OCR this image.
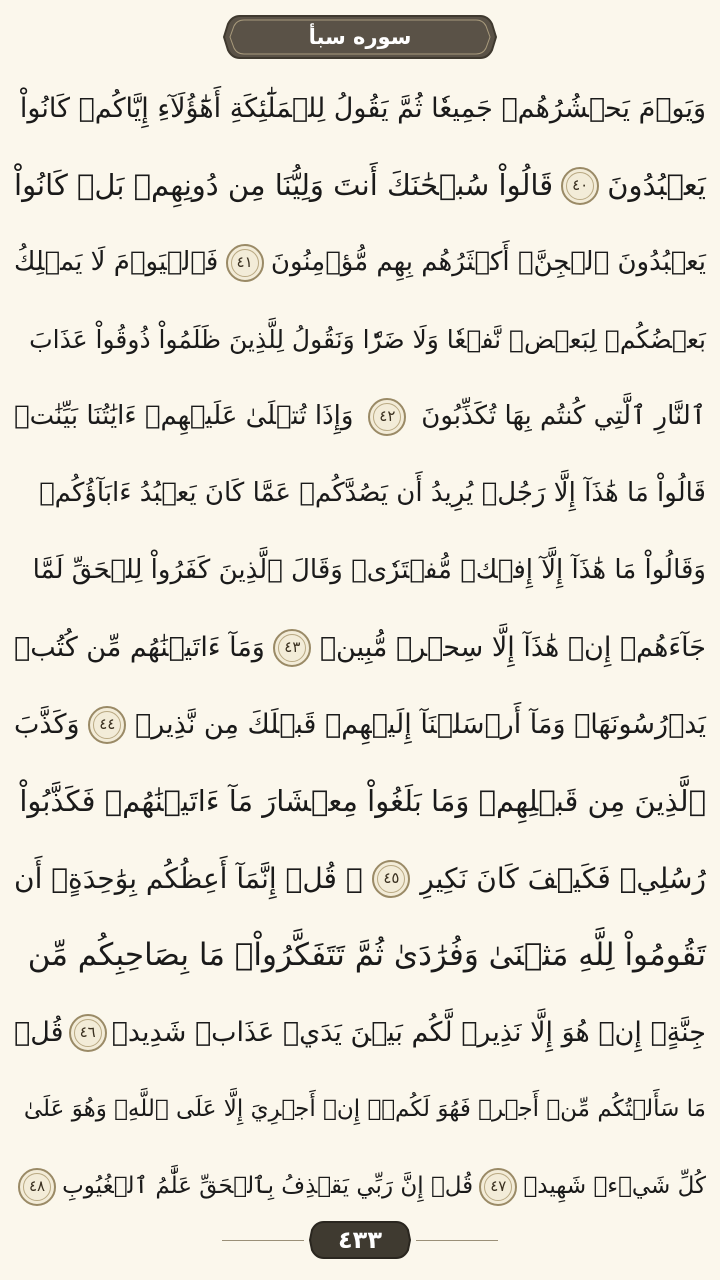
سوره سبأ
وَيَوۡمَ يَحۡشُرُهُمۡ جَمِيعٗا ثُمَّ يَقُولُ لِلۡمَلَٰٓئِكَةِ أَهَٰٓؤُلَآءِ إِيَّاكُمۡ كَانُواْ
يَعۡبُدُونَ
٤٠
قَالُواْ سُبۡحَٰنَكَ أَنتَ وَلِيُّنَا مِن دُونِهِمۖ بَلۡ كَانُواْ
يَعۡبُدُونَ ٱلۡجِنَّۖ أَكۡثَرُهُم بِهِم مُّؤۡمِنُونَ
٤١
فَٱلۡيَوۡمَ لَا يَمۡلِكُ
بَعۡضُكُمۡ لِبَعۡضٖ نَّفۡعٗا وَلَا ضَرّٗا وَنَقُولُ لِلَّذِينَ ظَلَمُواْ ذُوقُواْ عَذَابَ
ٱلنَّارِ ٱلَّتِي كُنتُم بِهَا تُكَذِّبُونَ
٤٢
وَإِذَا تُتۡلَىٰ عَلَيۡهِمۡ ءَايَٰتُنَا بَيِّنَٰتٖ
قَالُواْ مَا هَٰذَآ إِلَّا رَجُلٞ يُرِيدُ أَن يَصُدَّكُمۡ عَمَّا كَانَ يَعۡبُدُ ءَابَآؤُكُمۡ
وَقَالُواْ مَا هَٰذَآ إِلَّآ إِفۡكٞ مُّفۡتَرٗىۚ وَقَالَ ٱلَّذِينَ كَفَرُواْ لِلۡحَقِّ لَمَّا
جَآءَهُمۡ إِنۡ هَٰذَآ إِلَّا سِحۡرٞ مُّبِينٞ
٤٣
وَمَآ ءَاتَيۡنَٰهُم مِّن كُتُبٖ
يَدۡرُسُونَهَاۖ وَمَآ أَرۡسَلۡنَآ إِلَيۡهِمۡ قَبۡلَكَ مِن نَّذِيرٖ
٤٤
وَكَذَّبَ
ٱلَّذِينَ مِن قَبۡلِهِمۡ وَمَا بَلَغُواْ مِعۡشَارَ مَآ ءَاتَيۡنَٰهُمۡ فَكَذَّبُواْ
رُسُلِيۖ فَكَيۡفَ كَانَ نَكِيرِ
٤٥
۞ قُلۡ إِنَّمَآ أَعِظُكُم بِوَٰحِدَةٍۖ أَن
تَقُومُواْ لِلَّهِ مَثۡنَىٰ وَفُرَٰدَىٰ ثُمَّ تَتَفَكَّرُواْۚ مَا بِصَاحِبِكُم مِّن
جِنَّةٍۚ إِنۡ هُوَ إِلَّا نَذِيرٞ لَّكُم بَيۡنَ يَدَيۡ عَذَابٖ شَدِيدٖ
٤٦
قُلۡ
مَا سَأَلۡتُكُم مِّنۡ أَجۡرٖ فَهُوَ لَكُمۡۖ إِنۡ أَجۡرِيَ إِلَّا عَلَى ٱللَّهِۖ وَهُوَ عَلَىٰ
كُلِّ شَيۡءٖ شَهِيدٞ
٤٧
قُلۡ إِنَّ رَبِّي يَقۡذِفُ بِٱلۡحَقِّ عَلَّٰمُ ٱلۡغُيُوبِ
٤٨
٤٣٣
